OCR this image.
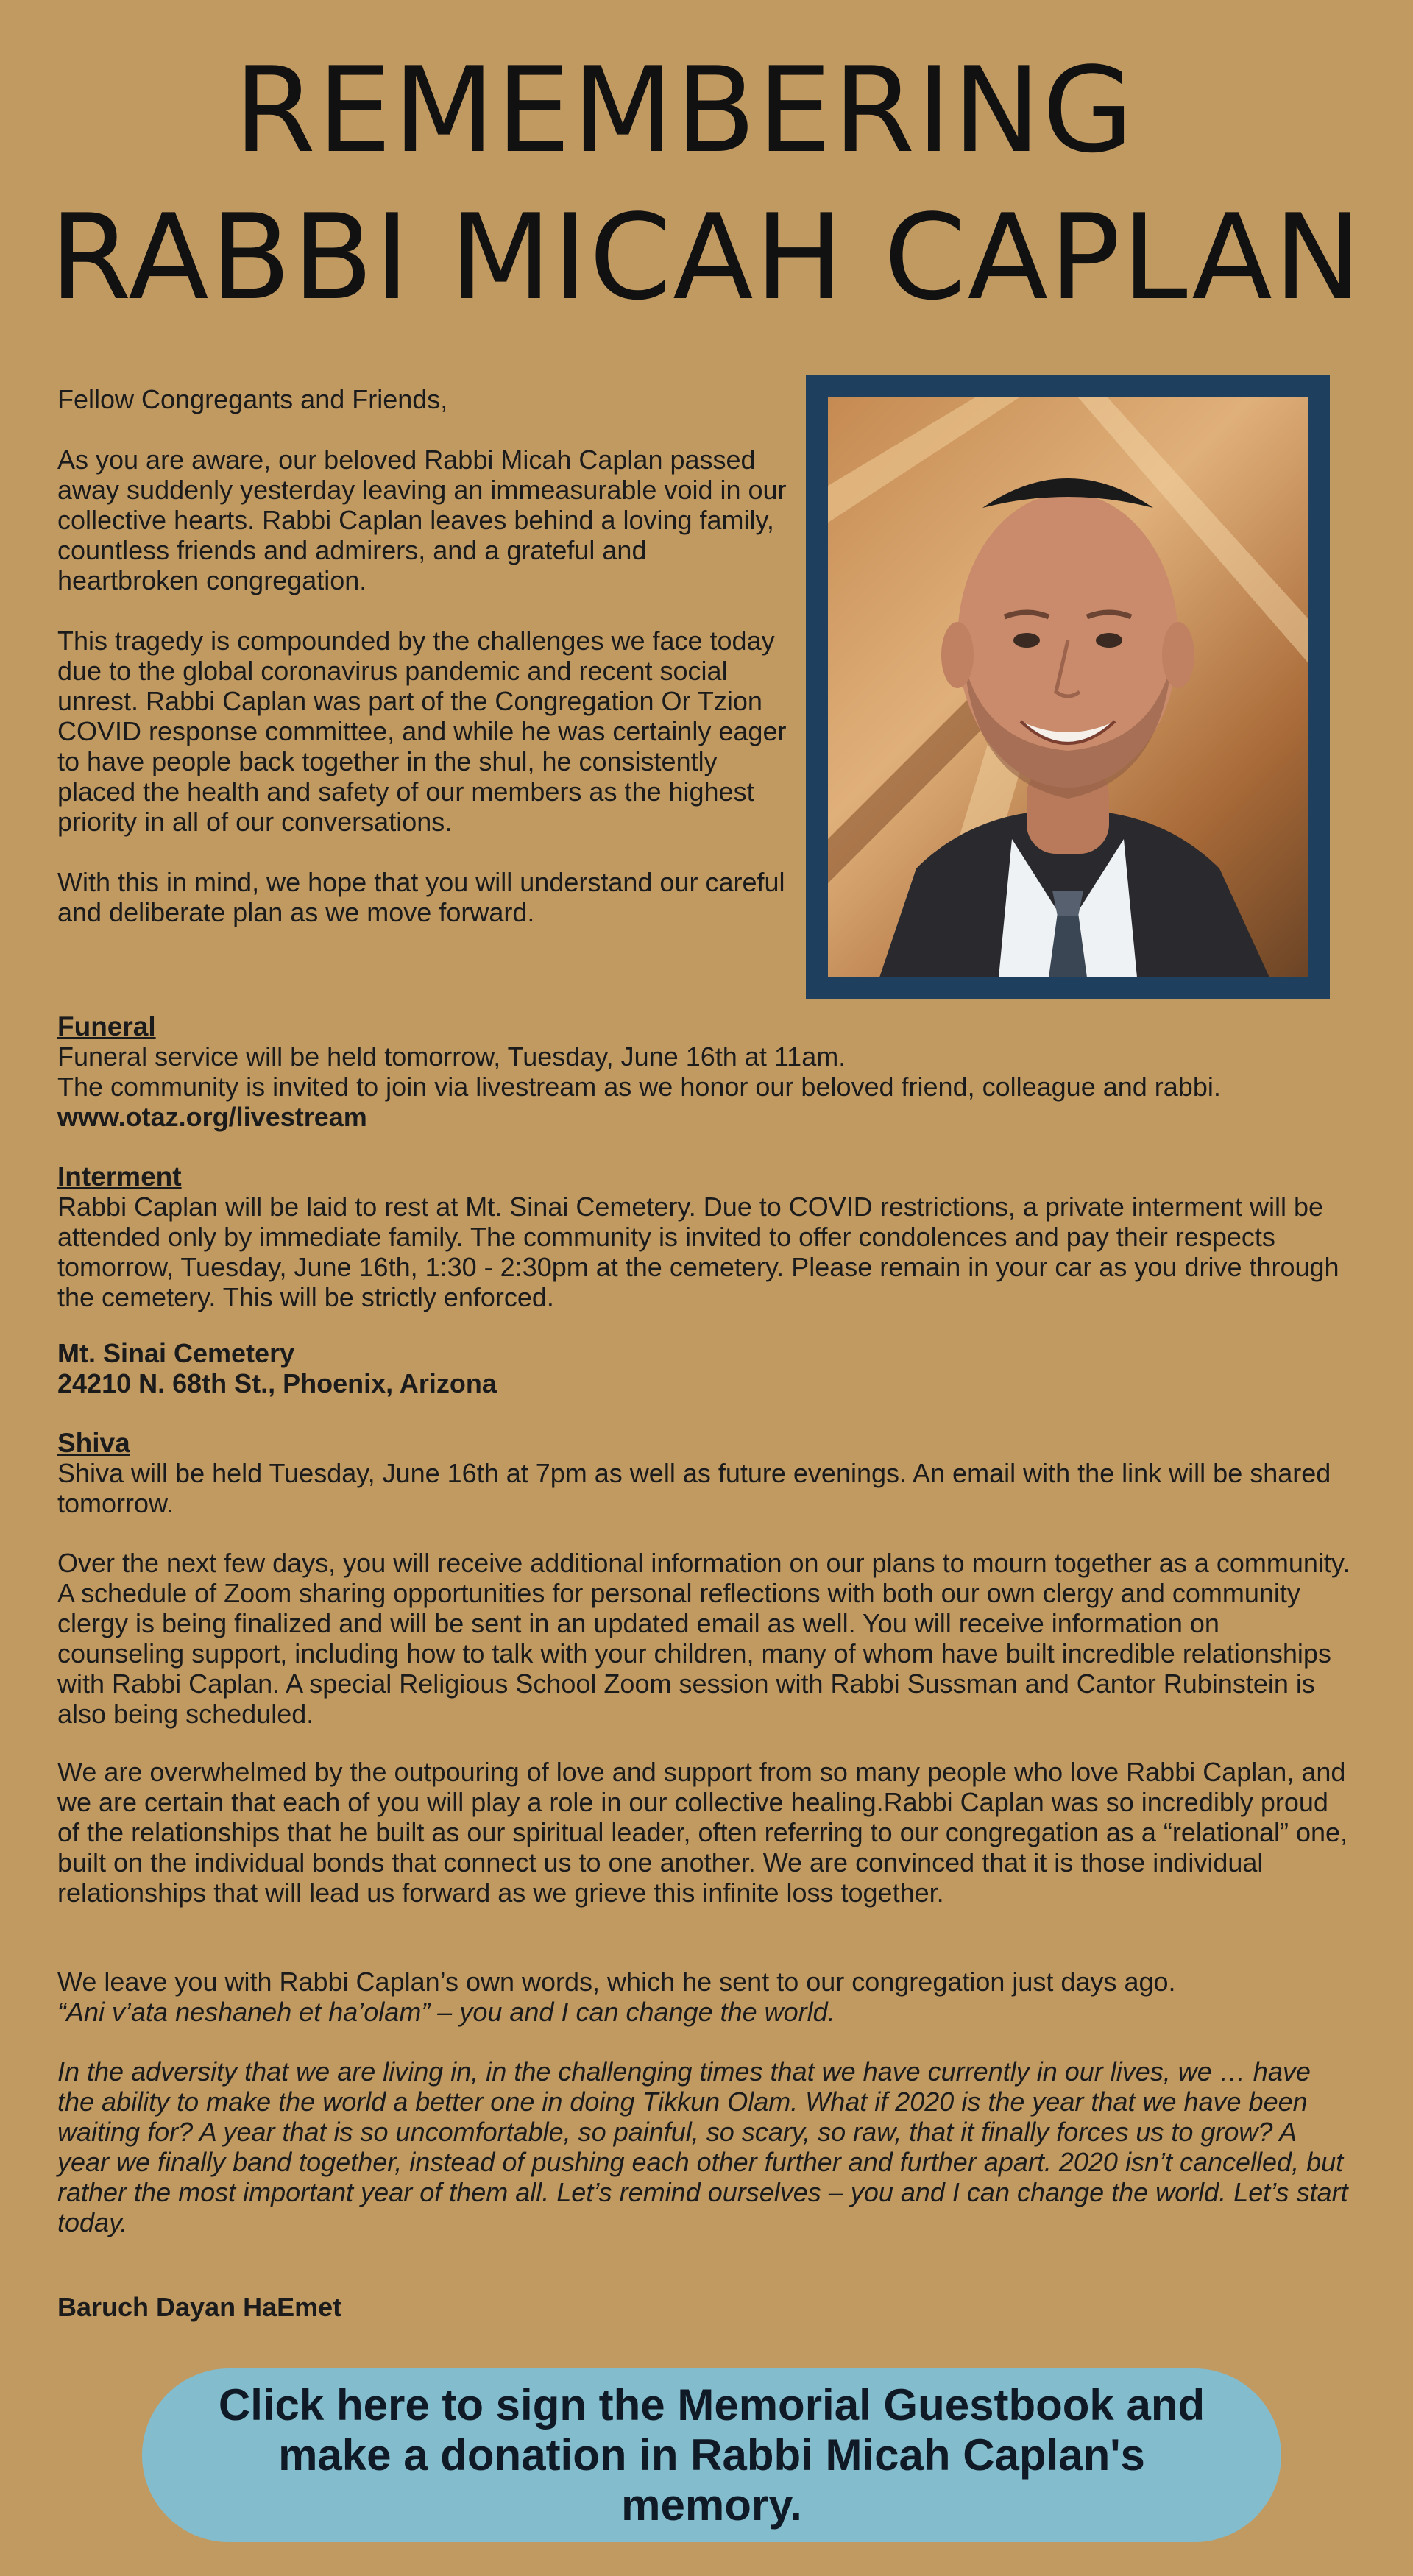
REMEMBERING
RABBI MICAH CAPLAN

Fellow Congregants and Friends,

As you are aware, our beloved Rabbi Micah Caplan passed away suddenly yesterday leaving an immeasurable void in our collective hearts. Rabbi Caplan leaves behind a loving family, countless friends and admirers, and a grateful and heartbroken congregation.

This tragedy is compounded by the challenges we face today due to the global coronavirus pandemic and recent social unrest. Rabbi Caplan was part of the Congregation Or Tzion COVID response committee, and while he was certainly eager to have people back together in the shul, he consistently placed the health and safety of our members as the highest priority in all of our conversations.

With this in mind, we hope that you will understand our careful and deliberate plan as we move forward.

Funeral

Funeral service will be held tomorrow, Tuesday, June 16th at 11am.

The community is invited to join via livestream as we honor our beloved friend, colleague and rabbi.

www.otaz.org/livestream

Interment

Rabbi Caplan will be laid to rest at Mt. Sinai Cemetery. Due to COVID restrictions, a private interment will be attended only by immediate family. The community is invited to offer condolences and pay their respects tomorrow, Tuesday, June 16th, 1:30 - 2:30pm at the cemetery. Please remain in your car as you drive through the cemetery. This will be strictly enforced.

Mt. Sinai Cemetery

24210 N. 68th St., Phoenix, Arizona

Shiva

Shiva will be held Tuesday, June 16th at 7pm as well as future evenings. An email with the link will be shared tomorrow.

Over the next few days, you will receive additional information on our plans to mourn together as a community. A schedule of Zoom sharing opportunities for personal reflections with both our own clergy and community clergy is being finalized and will be sent in an updated email as well. You will receive information on counseling support, including how to talk with your children, many of whom have built incredible relationships with Rabbi Caplan. A special Religious School Zoom session with Rabbi Sussman and Cantor Rubinstein is also being scheduled.

We are overwhelmed by the outpouring of love and support from so many people who love Rabbi Caplan, and we are certain that each of you will play a role in our collective healing.Rabbi Caplan was so incredibly proud of the relationships that he built as our spiritual leader, often referring to our congregation as a “relational” one, built on the individual bonds that connect us to one another. We are convinced that it is those individual relationships that will lead us forward as we grieve this infinite loss together.

We leave you with Rabbi Caplan’s own words, which he sent to our congregation just days ago.

“Ani v’ata neshaneh et ha’olam” – you and I can change the world.

In the adversity that we are living in, in the challenging times that we have currently in our lives, we … have the ability to make the world a better one in doing Tikkun Olam. What if 2020 is the year that we have been waiting for? A year that is so uncomfortable, so painful, so scary, so raw, that it finally forces us to grow? A year we finally band together, instead of pushing each other further and further apart. 2020 isn’t cancelled, but rather the most important year of them all. Let’s remind ourselves – you and I can change the world. Let’s start today.

Baruch Dayan HaEmet

Click here to sign the Memorial Guestbook and make a donation in Rabbi Micah Caplan's memory.
